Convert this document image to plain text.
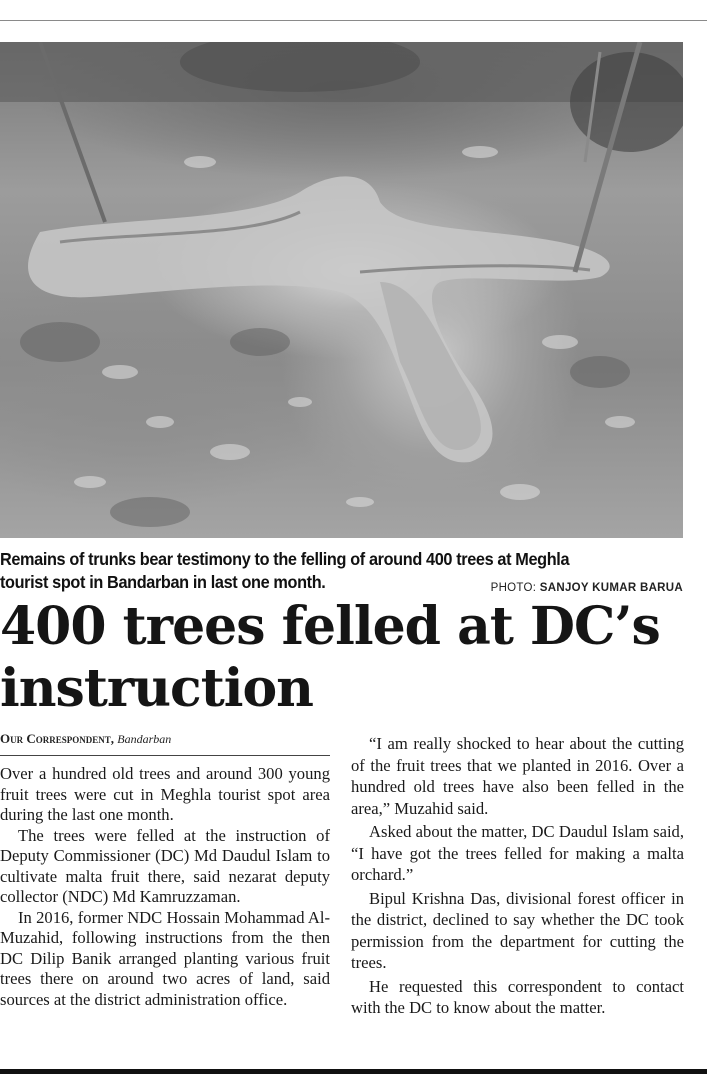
Remains of trunks bear testimony to the felling of around 400 trees at Meghla tourist spot in Bandarban in last one month.	PHOTO: SANJOY KUMAR BARUA
400 trees felled at DC’s instruction
Our Correspondent, Bandarban

Over a hundred old trees and around 300 young fruit trees were cut in Meghla tourist spot area during the last one month.

The trees were felled at the instruction of Deputy Commissioner (DC) Md Daudul Islam to cultivate malta fruit there, said nezarat deputy collector (NDC) Md Kamruzzaman.

In 2016, former NDC Hossain Mohammad Al-Muzahid, following instructions from the then DC Dilip Banik arranged planting various fruit trees there on around two acres of land, said sources at the district administration office.

“I am really shocked to hear about the cutting of the fruit trees that we planted in 2016. Over a hundred old trees have also been felled in the area,” Muzahid said.

Asked about the matter, DC Daudul Islam said, “I have got the trees felled for making a malta orchard.”

Bipul Krishna Das, divisional forest officer in the district, declined to say whether the DC took permission from the department for cutting the trees.

He requested this correspondent to contact with the DC to know about the matter.
